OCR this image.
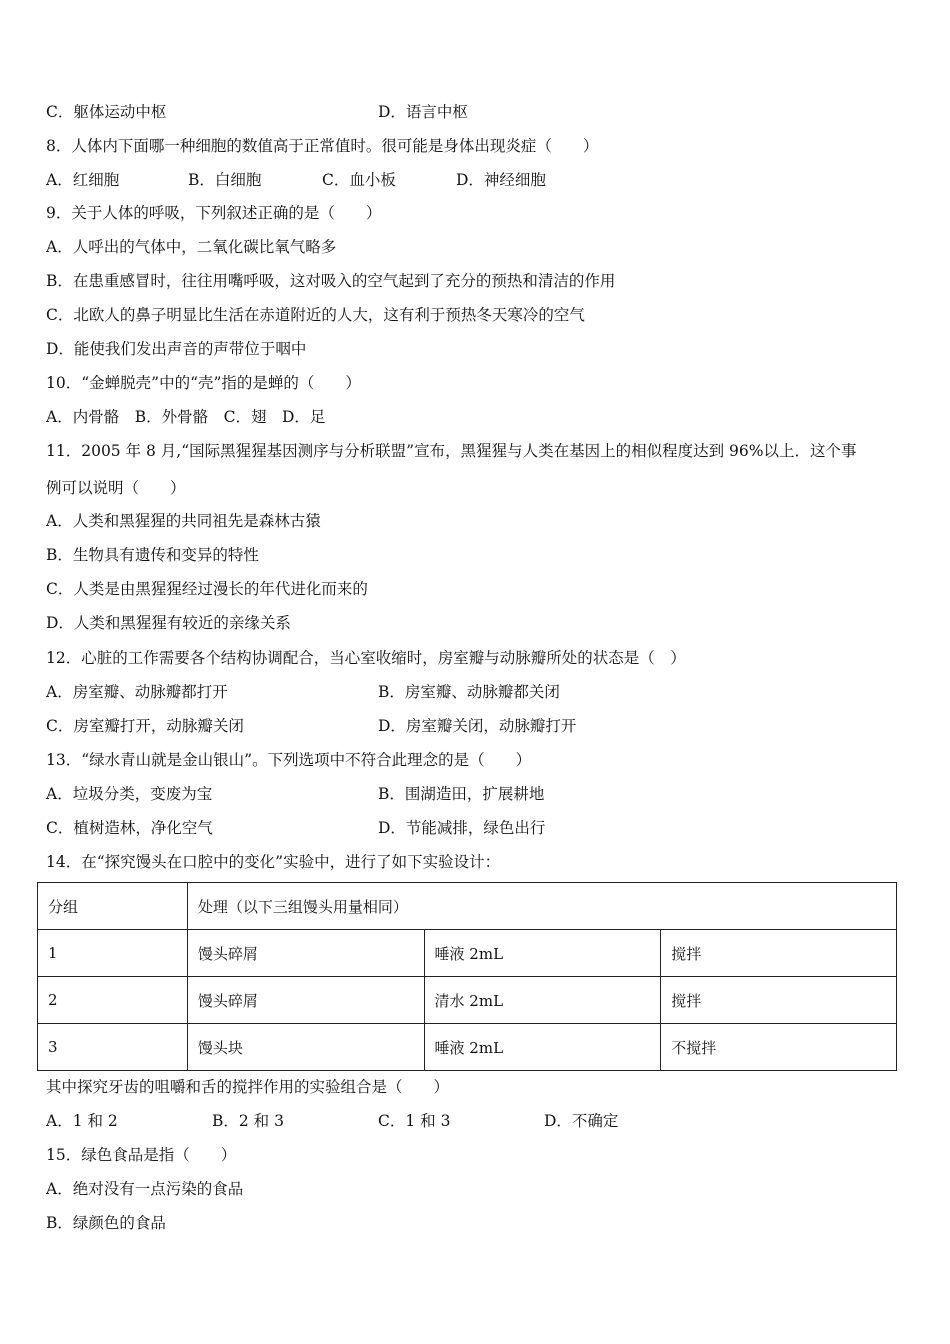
C．躯体运动中枢	D．语言中枢
8．人体内下面哪一种细胞的数值高于正常值时。很可能是身体出现炎症（　　）
A．红细胞	B．白细胞	C．血小板	D．神经细胞
9．关于人体的呼吸，下列叙述正确的是（　　）
A．人呼出的气体中，二氧化碳比氧气略多
B．在患重感冒时，往往用嘴呼吸，这对吸入的空气起到了充分的预热和清洁的作用
C．北欧人的鼻子明显比生活在赤道附近的人大，这有利于预热冬天寒冷的空气
D．能使我们发出声音的声带位于咽中
10．“金蝉脱壳”中的“壳”指的是蝉的（　　）
A．内骨骼　B．外骨骼　C．翅　D．足
11．2005 年 8 月,“国际黑猩猩基因测序与分析联盟”宣布，黑猩猩与人类在基因上的相似程度达到 96%以上．这个事
例可以说明（　　）
A．人类和黑猩猩的共同祖先是森林古猿
B．生物具有遗传和变异的特性
C．人类是由黑猩猩经过漫长的年代进化而来的
D．人类和黑猩猩有较近的亲缘关系
12．心脏的工作需要各个结构协调配合，当心室收缩时，房室瓣与动脉瓣所处的状态是（　）
A．房室瓣、动脉瓣都打开	B．房室瓣、动脉瓣都关闭
C．房室瓣打开，动脉瓣关闭	D．房室瓣关闭，动脉瓣打开
13．“绿水青山就是金山银山”。下列选项中不符合此理念的是（　　）
A．垃圾分类，变废为宝	B．围湖造田，扩展耕地
C．植树造林，净化空气	D．节能减排，绿色出行
14．在“探究馒头在口腔中的变化”实验中，进行了如下实验设计：
分组	处理（以下三组馒头用量相同）		
1	馒头碎屑	唾液 2mL	搅拌
2	馒头碎屑	清水 2mL	搅拌
3	馒头块	唾液 2mL	不搅拌
其中探究牙齿的咀嚼和舌的搅拌作用的实验组合是（　　）
A．1 和 2	B．2 和 3	C．1 和 3	D．不确定
15．绿色食品是指（　　）
A．绝对没有一点污染的食品
B．绿颜色的食品
